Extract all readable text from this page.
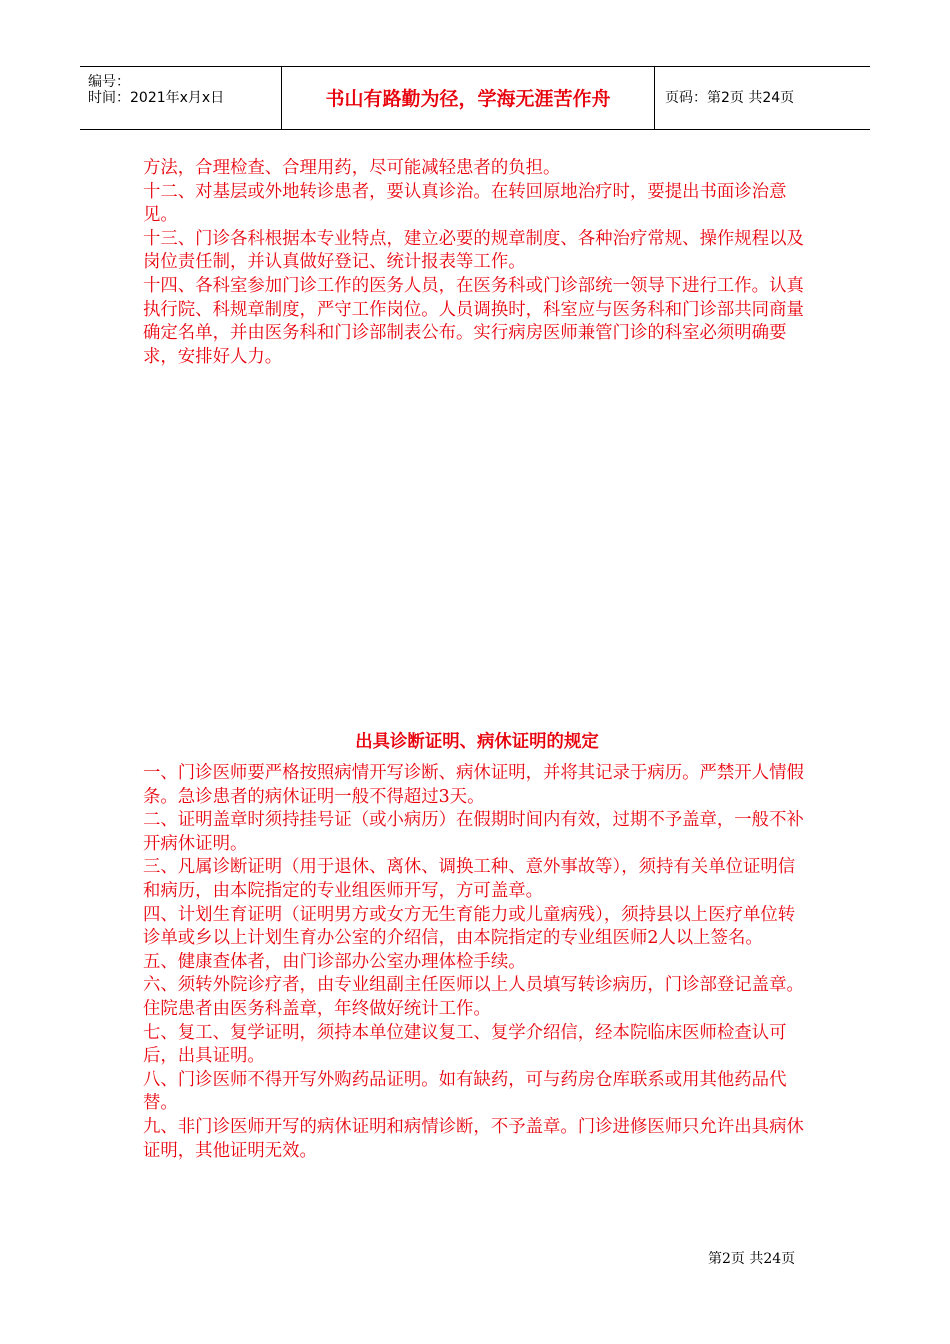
编号：
时间：2021年x月x日	书山有路勤为径，学海无涯苦作舟	页码：第2页 共24页

方法，合理检查、合理用药，尽可能减轻患者的负担。

十二、对基层或外地转诊患者，要认真诊治。在转回原地治疗时，要提出书面诊治意见。

十三、门诊各科根据本专业特点，建立必要的规章制度、各种治疗常规、操作规程以及岗位责任制，并认真做好登记、统计报表等工作。

十四、各科室参加门诊工作的医务人员，在医务科或门诊部统一领导下进行工作。认真执行院、科规章制度，严守工作岗位。人员调换时，科室应与医务科和门诊部共同商量确定名单，并由医务科和门诊部制表公布。实行病房医师兼管门诊的科室必须明确要求，安排好人力。

出具诊断证明、病休证明的规定

一、门诊医师要严格按照病情开写诊断、病休证明，并将其记录于病历。严禁开人情假条。急诊患者的病休证明一般不得超过3天。

二、证明盖章时须持挂号证（或小病历）在假期时间内有效，过期不予盖章，一般不补开病休证明。

三、凡属诊断证明（用于退休、离休、调换工种、意外事故等），须持有关单位证明信和病历，由本院指定的专业组医师开写，方可盖章。

四、计划生育证明（证明男方或女方无生育能力或儿童病残），须持县以上医疗单位转诊单或乡以上计划生育办公室的介绍信，由本院指定的专业组医师2人以上签名。

五、健康查体者，由门诊部办公室办理体检手续。

六、须转外院诊疗者，由专业组副主任医师以上人员填写转诊病历，门诊部登记盖章。住院患者由医务科盖章，年终做好统计工作。

七、复工、复学证明，须持本单位建议复工、复学介绍信，经本院临床医师检查认可后，出具证明。

八、门诊医师不得开写外购药品证明。如有缺药，可与药房仓库联系或用其他药品代替。

九、非门诊医师开写的病休证明和病情诊断，不予盖章。门诊进修医师只允许出具病休证明，其他证明无效。

第2页 共24页
